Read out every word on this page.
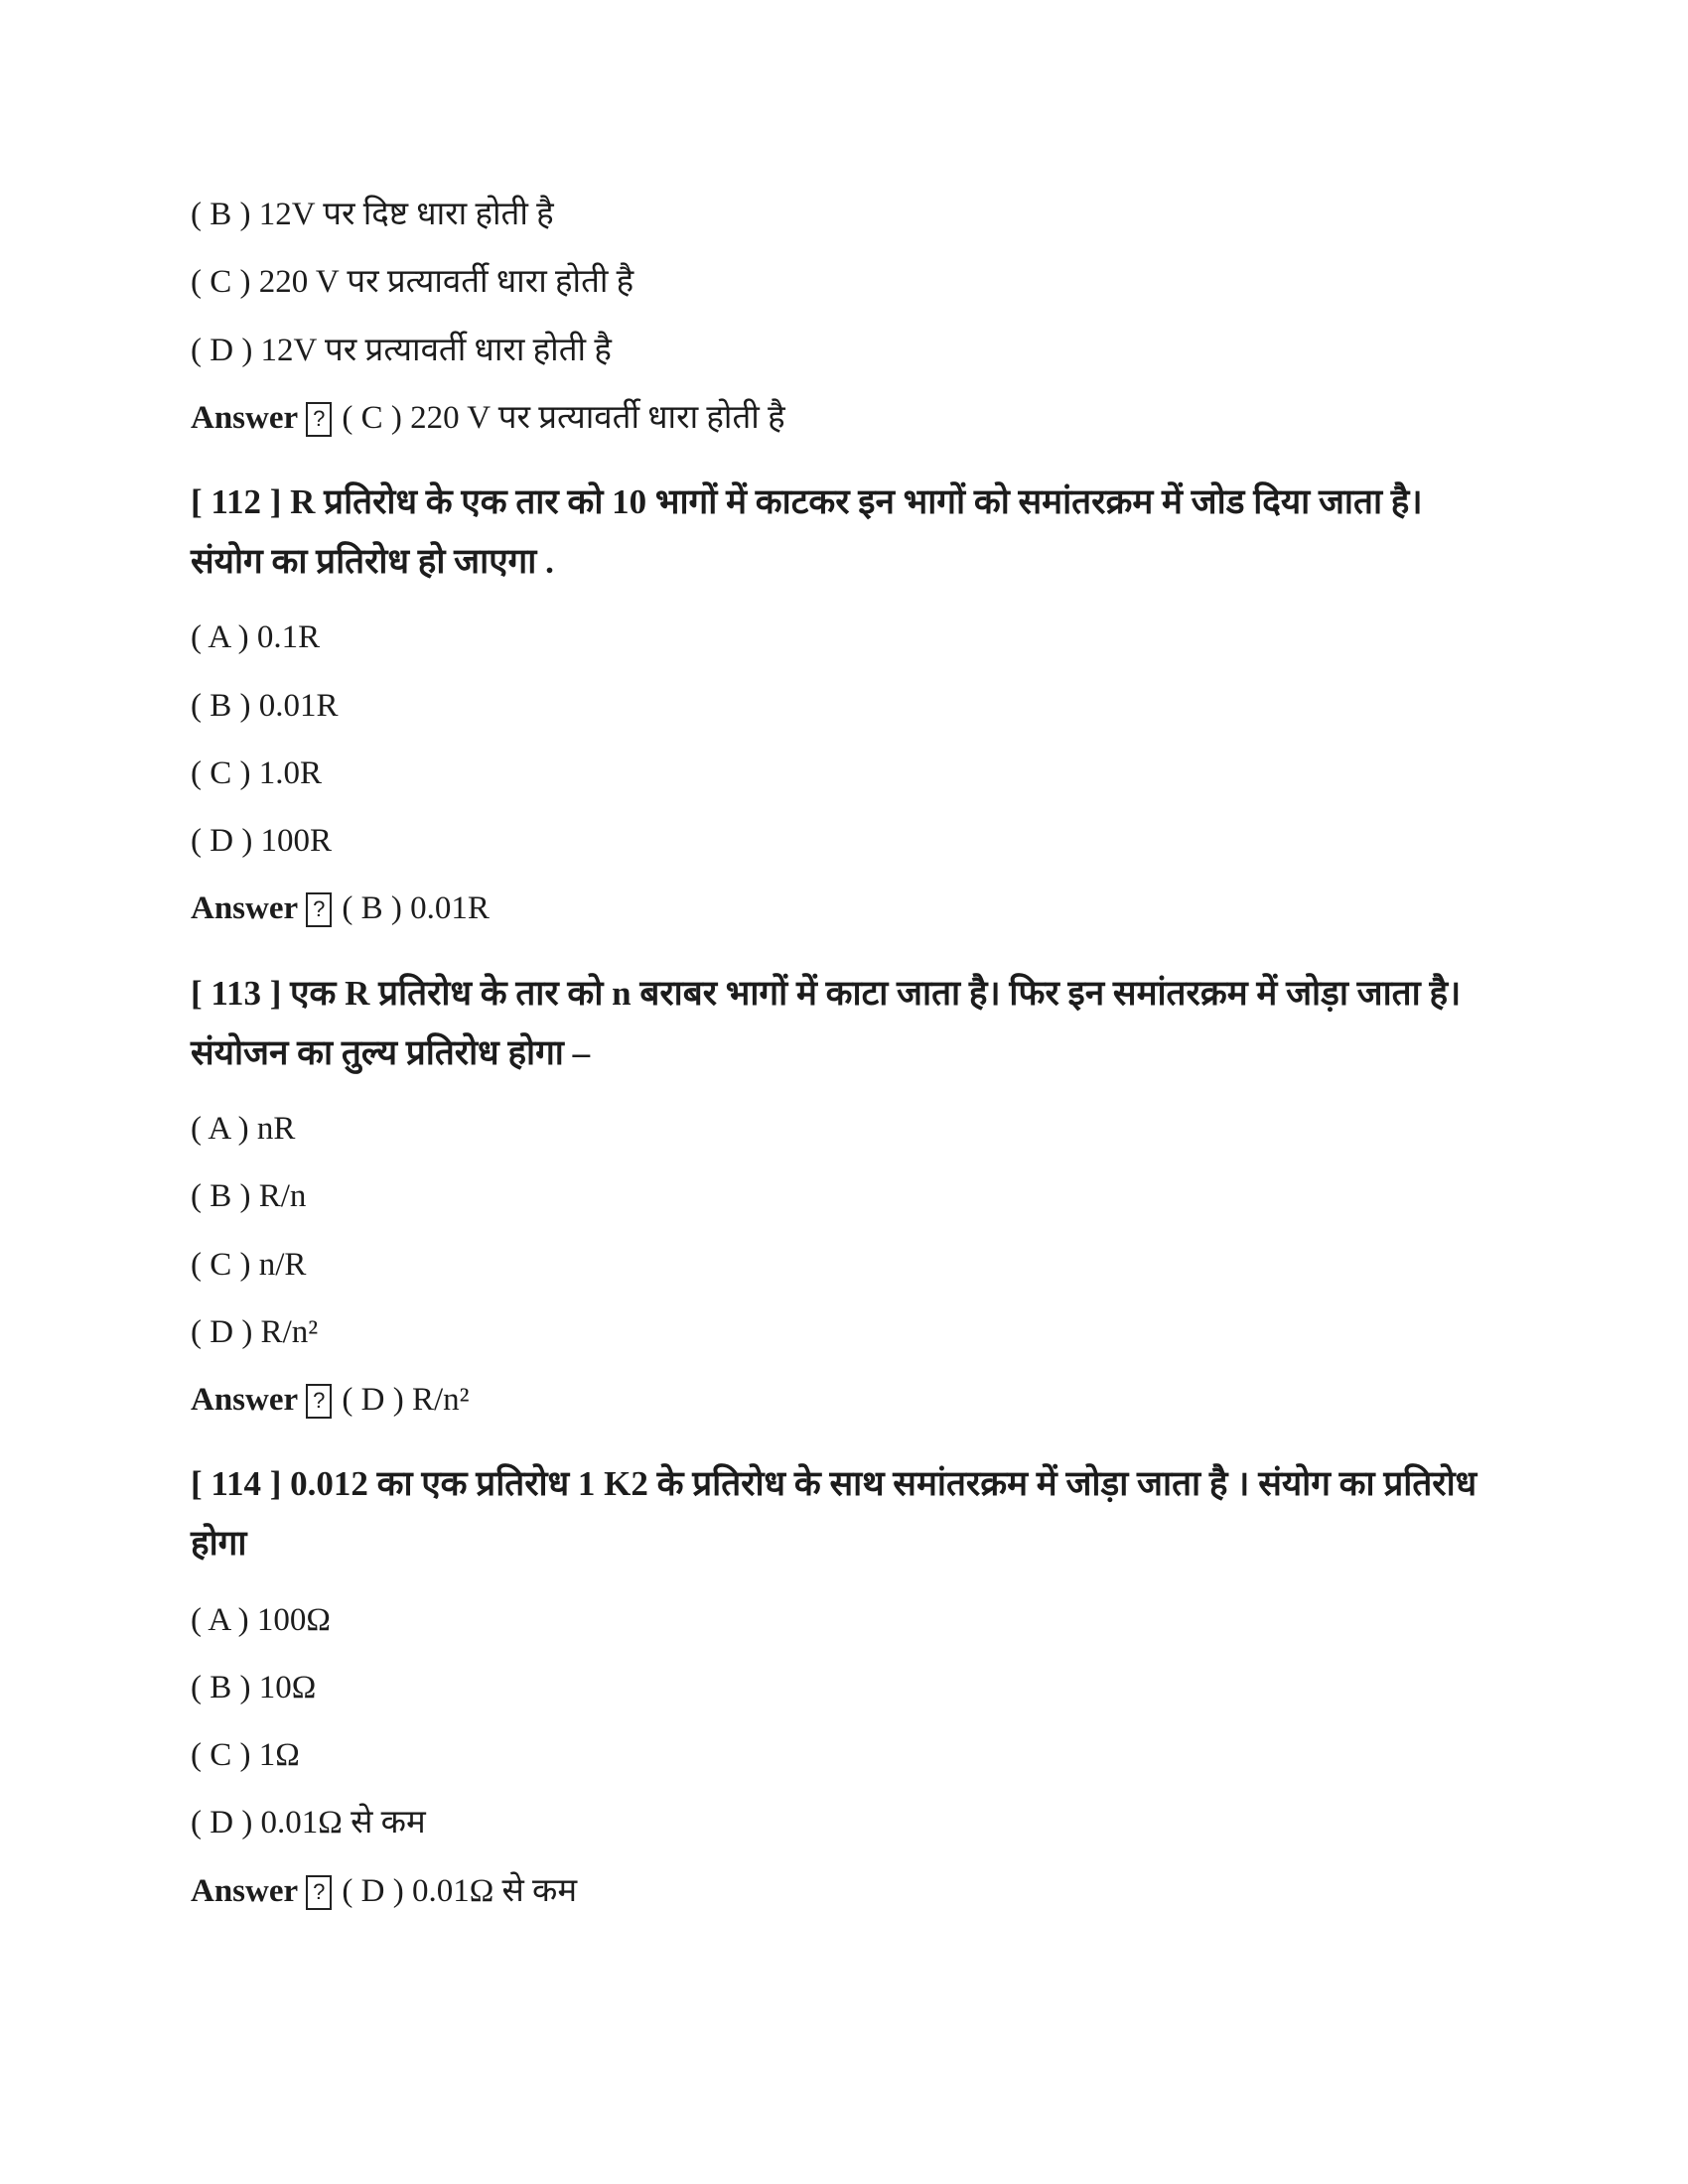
( B ) 12V पर दिष्ट धारा होती है

( C ) 220 V पर प्रत्यावर्ती धारा होती है

( D ) 12V पर प्रत्यावर्ती धारा होती है

Answer ? ( C ) 220 V पर प्रत्यावर्ती धारा होती है

[ 112 ] R प्रतिरोध के एक तार को 10 भागों में काटकर इन भागों को समांतरक्रम में जोड दिया जाता है। संयोग का प्रतिरोध हो जाएगा .

( A ) 0.1R

( B ) 0.01R

( C ) 1.0R

( D ) 100R

Answer ? ( B ) 0.01R

[ 113 ] एक R प्रतिरोध के तार को n बराबर भागों में काटा जाता है। फिर इन समांतरक्रम में जोड़ा जाता है। संयोजन का तुल्य प्रतिरोध होगा –

( A ) nR

( B ) R/n

( C ) n/R

( D ) R/n²

Answer ? ( D ) R/n²

[ 114 ] 0.012 का एक प्रतिरोध 1 K2 के प्रतिरोध के साथ समांतरक्रम में जोड़ा जाता है । संयोग का प्रतिरोध होगा

( A ) 100Ω

( B ) 10Ω

( C ) 1Ω

( D ) 0.01Ω से कम

Answer ? ( D ) 0.01Ω से कम
